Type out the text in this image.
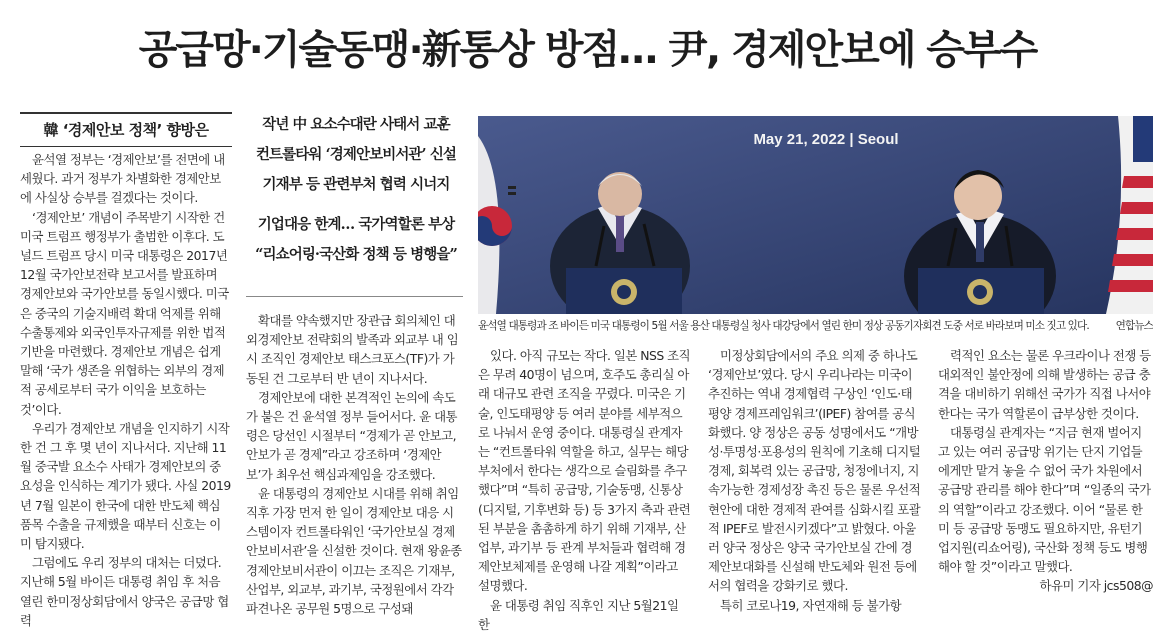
공급망·기술동맹·新통상 방점… 尹, 경제안보에 승부수
韓 ‘경제안보 정책’ 향방은

윤석열 정부는 ‘경제안보’를 전면에 내세웠다. 과거 정부가 차별화한 경제안보에 사실상 승부를 걸겠다는 것이다.

‘경제안보’ 개념이 주목받기 시작한 건 미국 트럼프 행정부가 출범한 이후다. 도널드 트럼프 당시 미국 대통령은 2017년 12월 국가안보전략 보고서를 발표하며 경제안보와 국가안보를 동일시했다. 미국은 중국의 기술지배력 확대 억제를 위해 수출통제와 외국인투자규제를 위한 법적 기반을 마련했다. 경제안보 개념은 쉽게 말해 ‘국가 생존을 위협하는 외부의 경제적 공세로부터 국가 이익을 보호하는 것’이다.

우리가 경제안보 개념을 인지하기 시작한 건 그 후 몇 년이 지나서다. 지난해 11월 중국발 요소수 사태가 경제안보의 중요성을 인식하는 계기가 됐다. 사실 2019년 7월 일본이 한국에 대한 반도체 핵심 품목 수출을 규제했을 때부터 신호는 이미 탐지됐다.

그럼에도 우리 정부의 대처는 더뎠다. 지난해 5월 바이든 대통령 취임 후 처음 열린 한미정상회담에서 양국은 공급망 협력

작년 中 요소수대란 사태서 교훈
컨트롤타워 ‘경제안보비서관’ 신설
기재부 등 관련부처 협력 시너지
기업대응 한계… 국가역할론 부상
“리쇼어링·국산화 정책 등 병행을”

확대를 약속했지만 장관급 회의체인 대외경제안보 전략회의 발족과 외교부 내 임시 조직인 경제안보 태스크포스(TF)가 가동된 건 그로부터 반 년이 지나서다.

경제안보에 대한 본격적인 논의에 속도가 붙은 건 윤석열 정부 들어서다. 윤 대통령은 당선인 시절부터 “경제가 곧 안보고, 안보가 곧 경제”라고 강조하며 ‘경제안보’가 최우선 핵심과제임을 강조했다.

윤 대통령의 경제안보 시대를 위해 취임 직후 가장 먼저 한 일이 경제안보 대응 시스템이자 컨트롤타워인 ‘국가안보실 경제안보비서관’을 신설한 것이다. 현재 왕윤종 경제안보비서관이 이끄는 조직은 기재부, 산업부, 외교부, 과기부, 국정원에서 각각 파견나온 공무원 5명으로 구성돼

May 21, 2022 | Seoul
윤석열 대통령과 조 바이든 미국 대통령이 5월 서울 용산 대통령실 청사 대강당에서 열린 한미 정상 공동기자회견 도중 서로 바라보며 미소 짓고 있다.	연합뉴스

있다. 아직 규모는 작다. 일본 NSS 조직은 무려 40명이 넘으며, 호주도 총리실 아래 대규모 관련 조직을 꾸렸다. 미국은 기술, 인도태평양 등 여러 분야를 세부적으로 나눠서 운영 중이다. 대통령실 관계자는 “컨트롤타워 역할을 하고, 실무는 해당 부처에서 한다는 생각으로 슬림화를 추구했다”며 “특히 공급망, 기술동맹, 신통상(디지털, 기후변화 등) 등 3가지 축과 관련된 부분을 촘촘하게 하기 위해 기재부, 산업부, 과기부 등 관계 부처들과 협력해 경제안보체제를 운영해 나갈 계획”이라고 설명했다.

윤 대통령 취임 직후인 지난 5월21일 한

미정상회담에서의 주요 의제 중 하나도 ‘경제안보’였다. 당시 우리나라는 미국이 추진하는 역내 경제협력 구상인 ‘인도·태평양 경제프레임워크’(IPEF) 참여를 공식화했다. 양 정상은 공동 성명에서도 “개방성·투명성·포용성의 원칙에 기초해 디지털경제, 회복력 있는 공급망, 청정에너지, 지속가능한 경제성장 촉진 등은 물론 우선적 현안에 대한 경제적 관여를 심화시킬 포괄적 IPEF로 발전시키겠다”고 밝혔다. 아울러 양국 정상은 양국 국가안보실 간에 경제안보대화를 신설해 반도체와 원전 등에서의 협력을 강화키로 했다.

특히 코로나19, 자연재해 등 불가항

력적인 요소는 물론 우크라이나 전쟁 등 대외적인 불안정에 의해 발생하는 공급 충격을 대비하기 위해선 국가가 직접 나서야한다는 국가 역할론이 급부상한 것이다.

대통령실 관계자는 “지금 현재 벌어지고 있는 여러 공급망 위기는 단지 기업들에게만 맡겨 놓을 수 없어 국가 차원에서 공급망 관리를 해야 한다”며 “일종의 국가의 역할”이라고 강조했다. 이어 “물론 한미 등 공급망 동맹도 필요하지만, 유턴기업지원(리쇼어링), 국산화 정책 등도 병행해야 할 것”이라고 말했다.

하유미 기자 jcs508@
